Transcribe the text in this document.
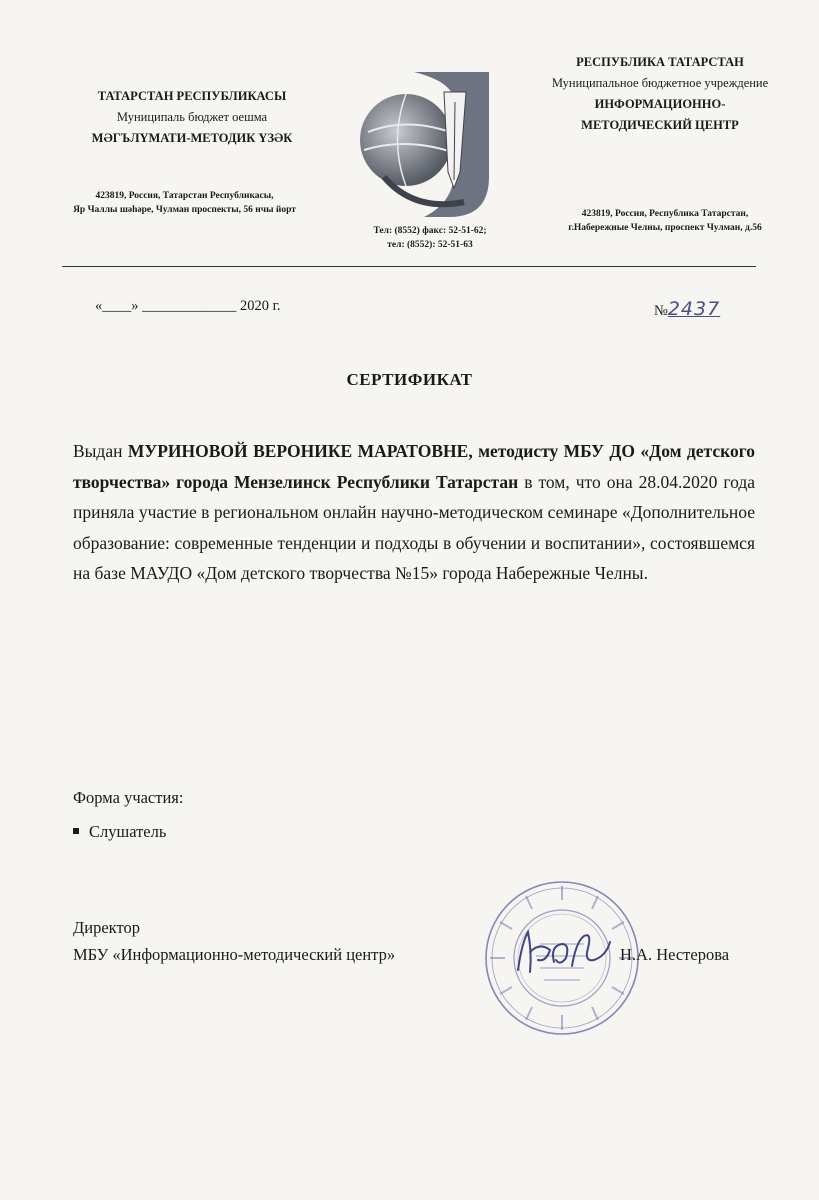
ТАТАРСТАН РЕСПУБЛИКАСЫ
Муниципаль бюджет оешма
МӘГЪЛҮМАТИ-МЕТОДИК ҮЗӘК
423819, Россия, Татарстан Республикасы,
Яр Чаллы шәһәре, Чулман проспекты, 56 нчы йорт
Тел: (8552) факс: 52-51-62;
тел: (8552): 52-51-63
РЕСПУБЛИКА ТАТАРСТАН
Муниципальное бюджетное учреждение
ИНФОРМАЦИОННО-
МЕТОДИЧЕСКИЙ ЦЕНТР
423819, Россия, Республика Татарстан,
г.Набережные Челны, проспект Чулман, д.56
«____» _____________ 2020 г.	№2437
СЕРТИФИКАТ
Выдан МУРИНОВОЙ ВЕРОНИКЕ МАРАТОВНЕ, методисту МБУ ДО «Дом детского творчества» города Мензелинск Республики Татарстан в том, что она 28.04.2020 года приняла участие в региональном онлайн научно-методическом семинаре «Дополнительное образование: современные тенденции и подходы в обучении и воспитании», состоявшемся на базе МАУДО «Дом детского творчества №15» города Набережные Челны.
Форма участия:
Слушатель
Директор
МБУ «Информационно-методический центр»	Н.А. Нестерова
